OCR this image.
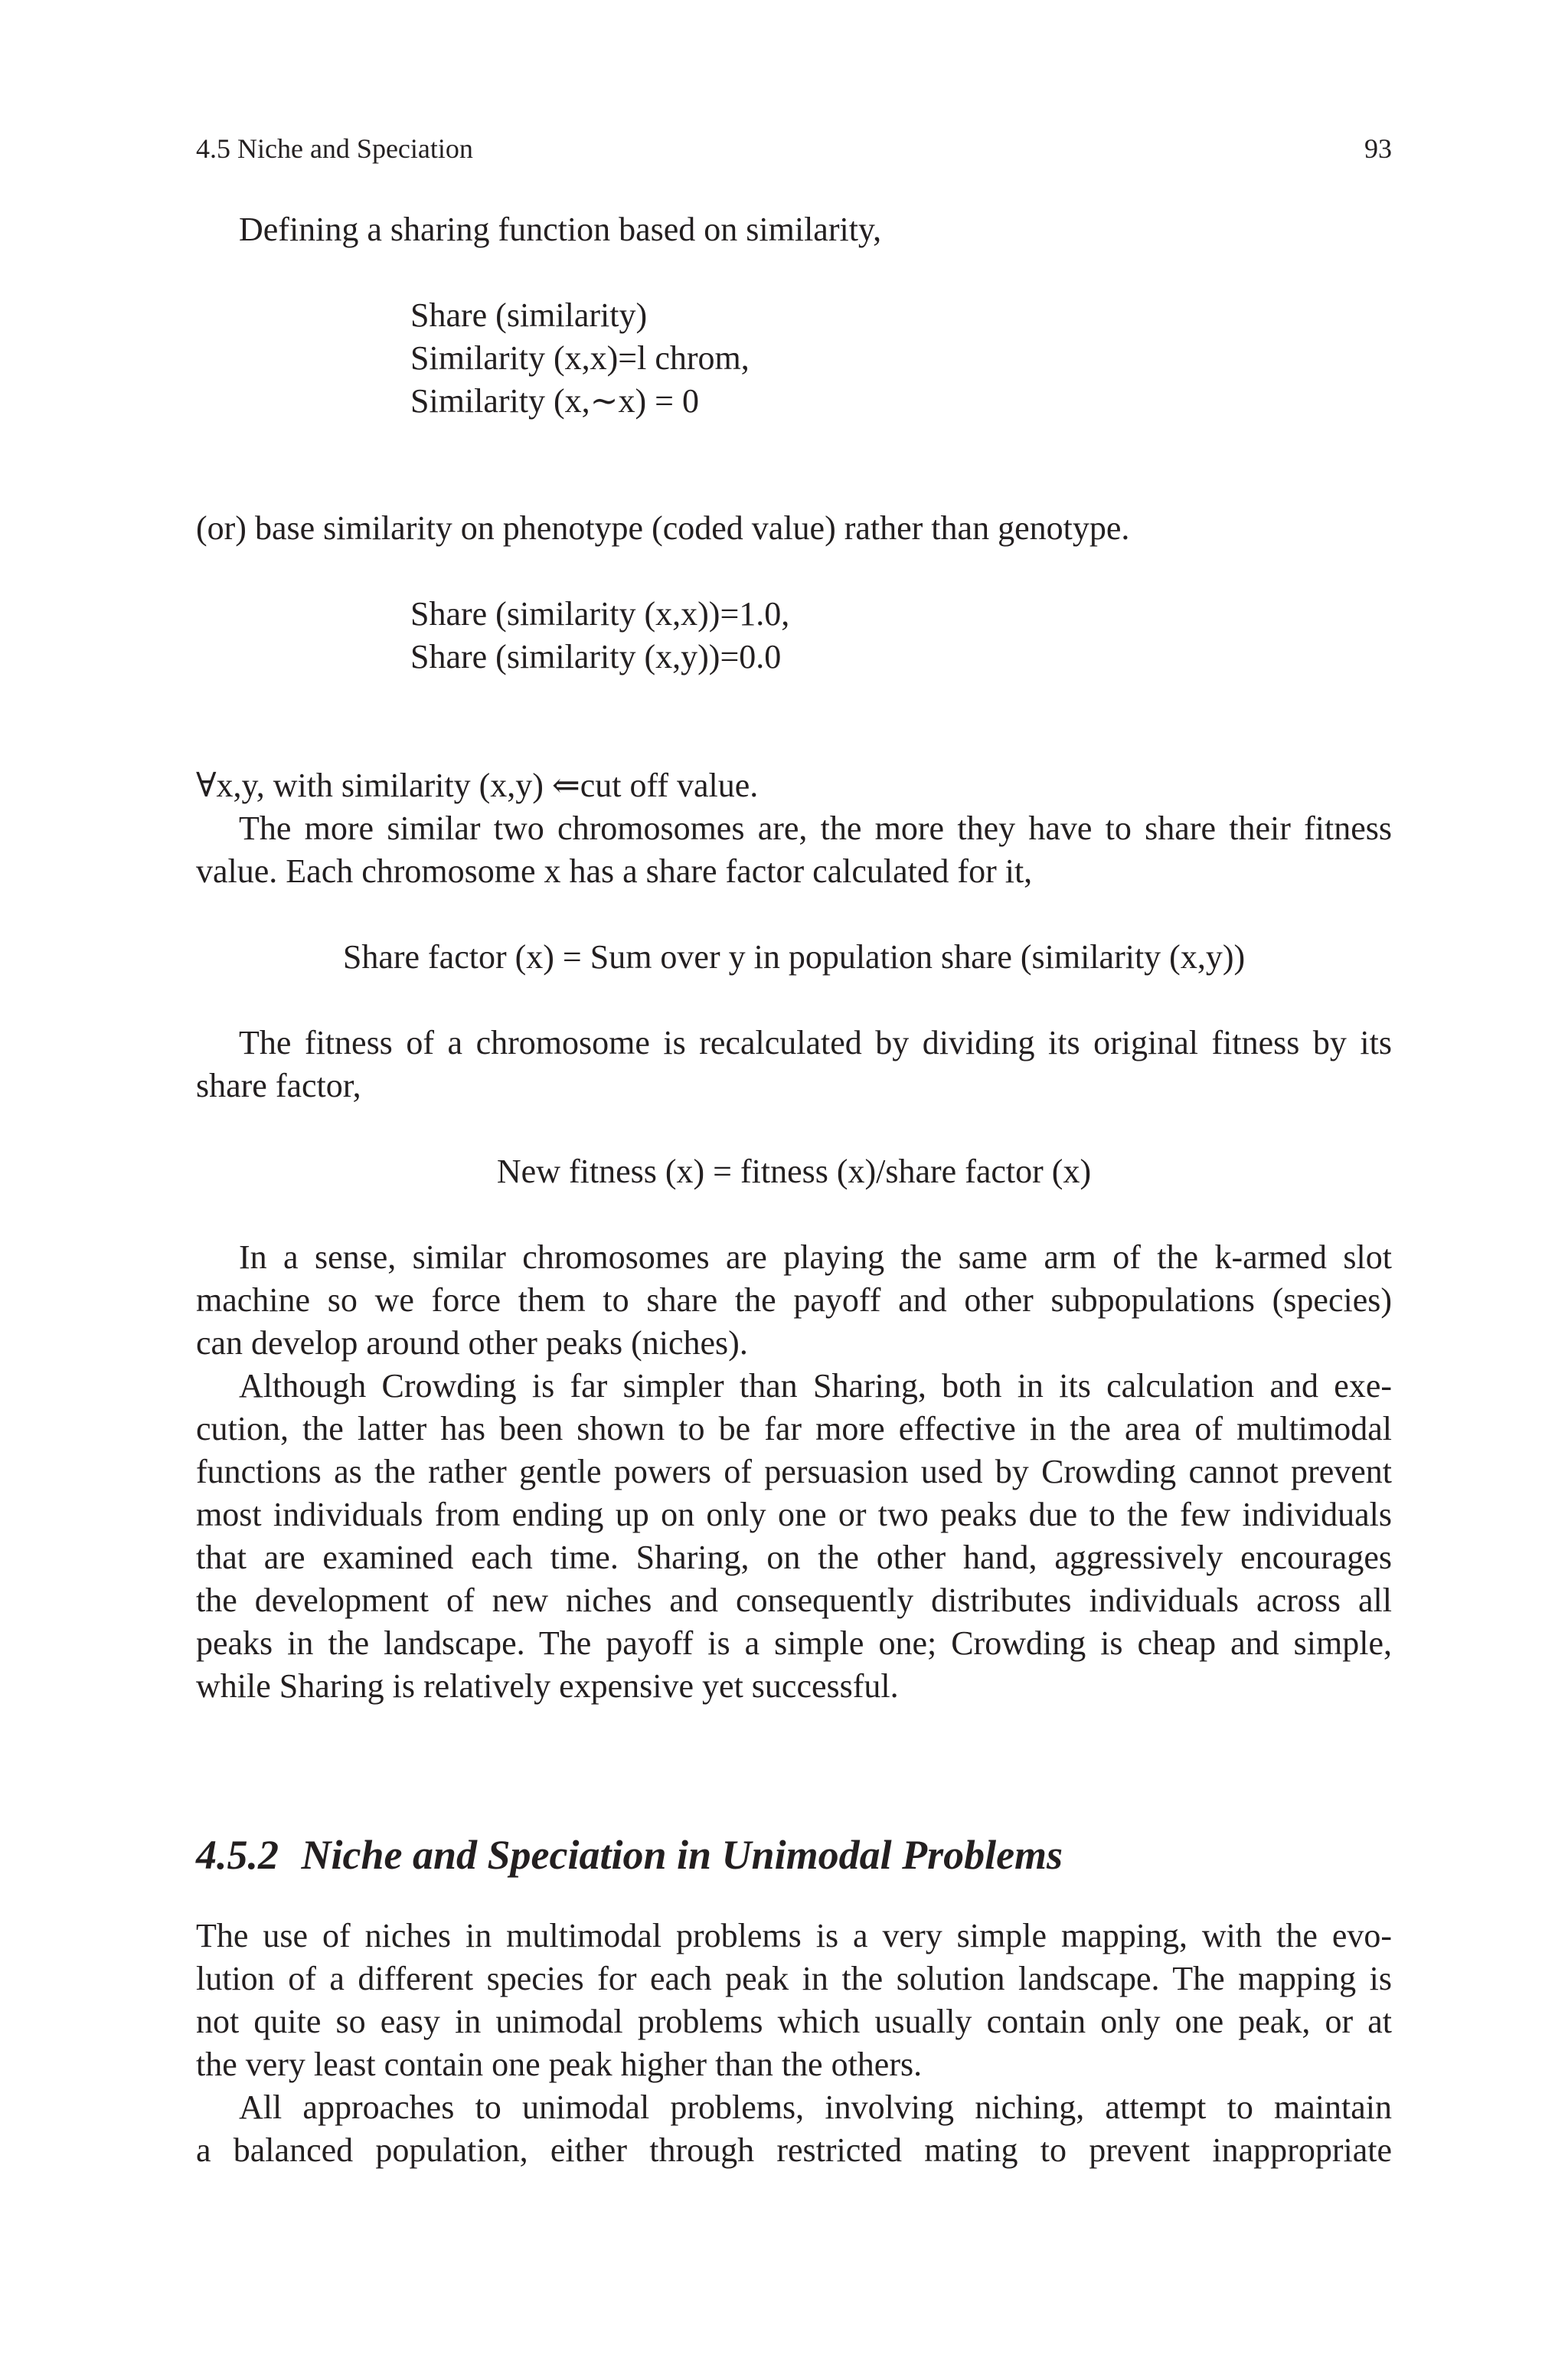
4.5 Niche and Speciation	93
Defining a sharing function based on similarity,
Share (similarity)
Similarity (x,x)=l chrom,
Similarity (x,∼x) = 0
(or) base similarity on phenotype (coded value) rather than genotype.
Share (similarity (x,x))=1.0,
Share (similarity (x,y))=0.0
∀x,y, with similarity (x,y) ⇐cut off value.
The more similar two chromosomes are, the more they have to share their fitness
value. Each chromosome x has a share factor calculated for it,
Share factor (x) = Sum over y in population share (similarity (x,y))
The fitness of a chromosome is recalculated by dividing its original fitness by its
share factor,
New fitness (x) = fitness (x)/share factor (x)
In a sense, similar chromosomes are playing the same arm of the k-armed slot
machine so we force them to share the payoff and other subpopulations (species)
can develop around other peaks (niches).
Although Crowding is far simpler than Sharing, both in its calculation and exe-
cution, the latter has been shown to be far more effective in the area of multimodal
functions as the rather gentle powers of persuasion used by Crowding cannot prevent
most individuals from ending up on only one or two peaks due to the few individuals
that are examined each time. Sharing, on the other hand, aggressively encourages
the development of new niches and consequently distributes individuals across all
peaks in the landscape. The payoff is a simple one; Crowding is cheap and simple,
while Sharing is relatively expensive yet successful.
4.5.2 Niche and Speciation in Unimodal Problems
The use of niches in multimodal problems is a very simple mapping, with the evo-
lution of a different species for each peak in the solution landscape. The mapping is
not quite so easy in unimodal problems which usually contain only one peak, or at
the very least contain one peak higher than the others.
All approaches to unimodal problems, involving niching, attempt to maintain
a balanced population, either through restricted mating to prevent inappropriate
